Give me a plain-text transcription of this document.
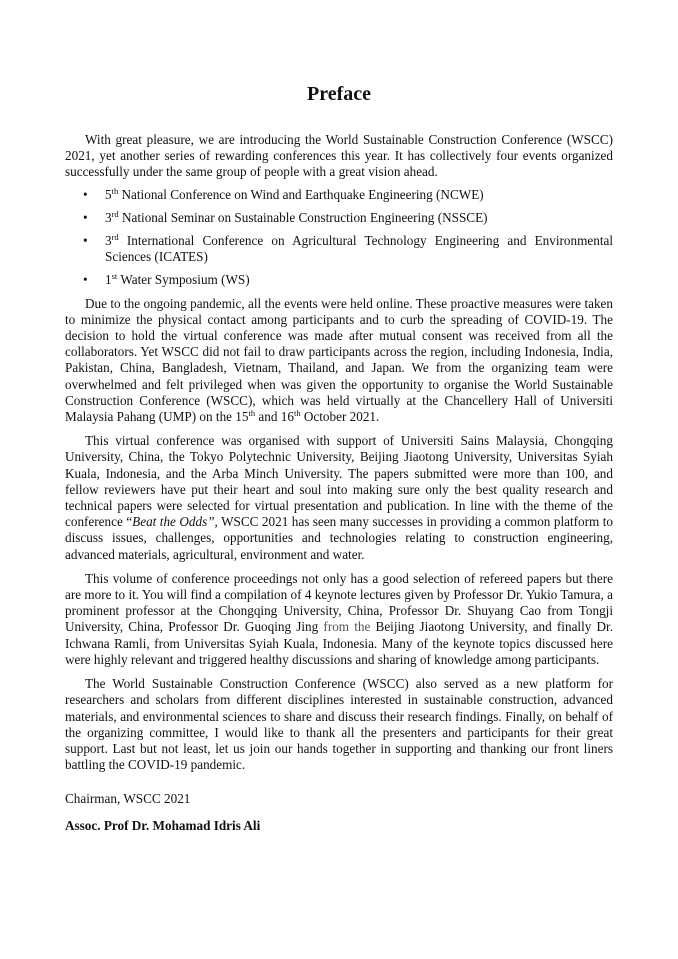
Preface

With great pleasure, we are introducing the World Sustainable Construction Conference (WSCC) 2021, yet another series of rewarding conferences this year. It has collectively four events organized successfully under the same group of people with a great vision ahead.

• 5th National Conference on Wind and Earthquake Engineering (NCWE)
• 3rd National Seminar on Sustainable Construction Engineering (NSSCE)
• 3rd International Conference on Agricultural Technology Engineering and Environmental Sciences (ICATES)
• 1st Water Symposium (WS)

Due to the ongoing pandemic, all the events were held online. These proactive measures were taken to minimize the physical contact among participants and to curb the spreading of COVID-19. The decision to hold the virtual conference was made after mutual consent was received from all the collaborators. Yet WSCC did not fail to draw participants across the region, including Indonesia, India, Pakistan, China, Bangladesh, Vietnam, Thailand, and Japan. We from the organizing team were overwhelmed and felt privileged when was given the opportunity to organise the World Sustainable Construction Conference (WSCC), which was held virtually at the Chancellery Hall of Universiti Malaysia Pahang (UMP) on the 15th and 16th October 2021.

This virtual conference was organised with support of Universiti Sains Malaysia, Chongqing University, China, the Tokyo Polytechnic University, Beijing Jiaotong University, Universitas Syiah Kuala, Indonesia, and the Arba Minch University. The papers submitted were more than 100, and fellow reviewers have put their heart and soul into making sure only the best quality research and technical papers were selected for virtual presentation and publication. In line with the theme of the conference “Beat the Odds”, WSCC 2021 has seen many successes in providing a common platform to discuss issues, challenges, opportunities and technologies relating to construction engineering, advanced materials, agricultural, environment and water.

This volume of conference proceedings not only has a good selection of refereed papers but there are more to it. You will find a compilation of 4 keynote lectures given by Professor Dr. Yukio Tamura, a prominent professor at the Chongqing University, China, Professor Dr. Shuyang Cao from Tongji University, China, Professor Dr. Guoqing Jing from the Beijing Jiaotong University, and finally Dr. Ichwana Ramli, from Universitas Syiah Kuala, Indonesia. Many of the keynote topics discussed here were highly relevant and triggered healthy discussions and sharing of knowledge among participants.

The World Sustainable Construction Conference (WSCC) also served as a new platform for researchers and scholars from different disciplines interested in sustainable construction, advanced materials, and environmental sciences to share and discuss their research findings. Finally, on behalf of the organizing committee, I would like to thank all the presenters and participants for their great support. Last but not least, let us join our hands together in supporting and thanking our front liners battling the COVID-19 pandemic.

Chairman, WSCC 2021
Assoc. Prof Dr. Mohamad Idris Ali
